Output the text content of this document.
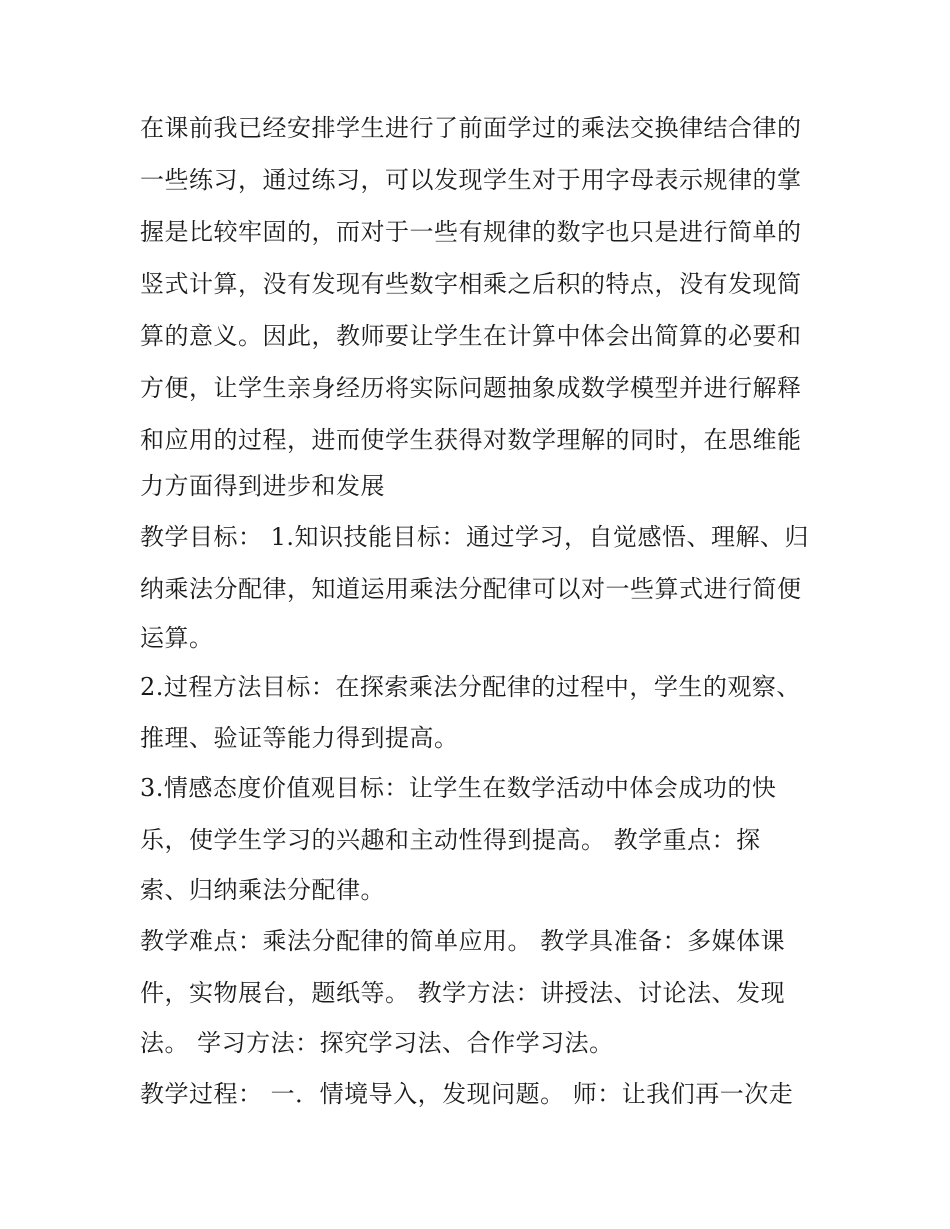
在课前我已经安排学生进行了前面学过的乘法交换律结合律的
一些练习，通过练习，可以发现学生对于用字母表示规律的掌
握是比较牢固的，而对于一些有规律的数字也只是进行简单的
竖式计算，没有发现有些数字相乘之后积的特点，没有发现简
算的意义。因此，教师要让学生在计算中体会出简算的必要和
方便，让学生亲身经历将实际问题抽象成数学模型并进行解释
和应用的过程，进而使学生获得对数学理解的同时，在思维能
力方面得到进步和发展
教学目标： 1.知识技能目标：通过学习，自觉感悟、理解、归
纳乘法分配律，知道运用乘法分配律可以对一些算式进行简便
运算。
2.过程方法目标：在探索乘法分配律的过程中，学生的观察、
推理、验证等能力得到提高。
3.情感态度价值观目标：让学生在数学活动中体会成功的快
乐，使学生学习的兴趣和主动性得到提高。 教学重点：探
索、归纳乘法分配律。
教学难点：乘法分配律的简单应用。 教学具准备：多媒体课
件，实物展台，题纸等。 教学方法：讲授法、讨论法、发现
法。 学习方法：探究学习法、合作学习法。
教学过程： 一．情境导入，发现问题。 师：让我们再一次走
